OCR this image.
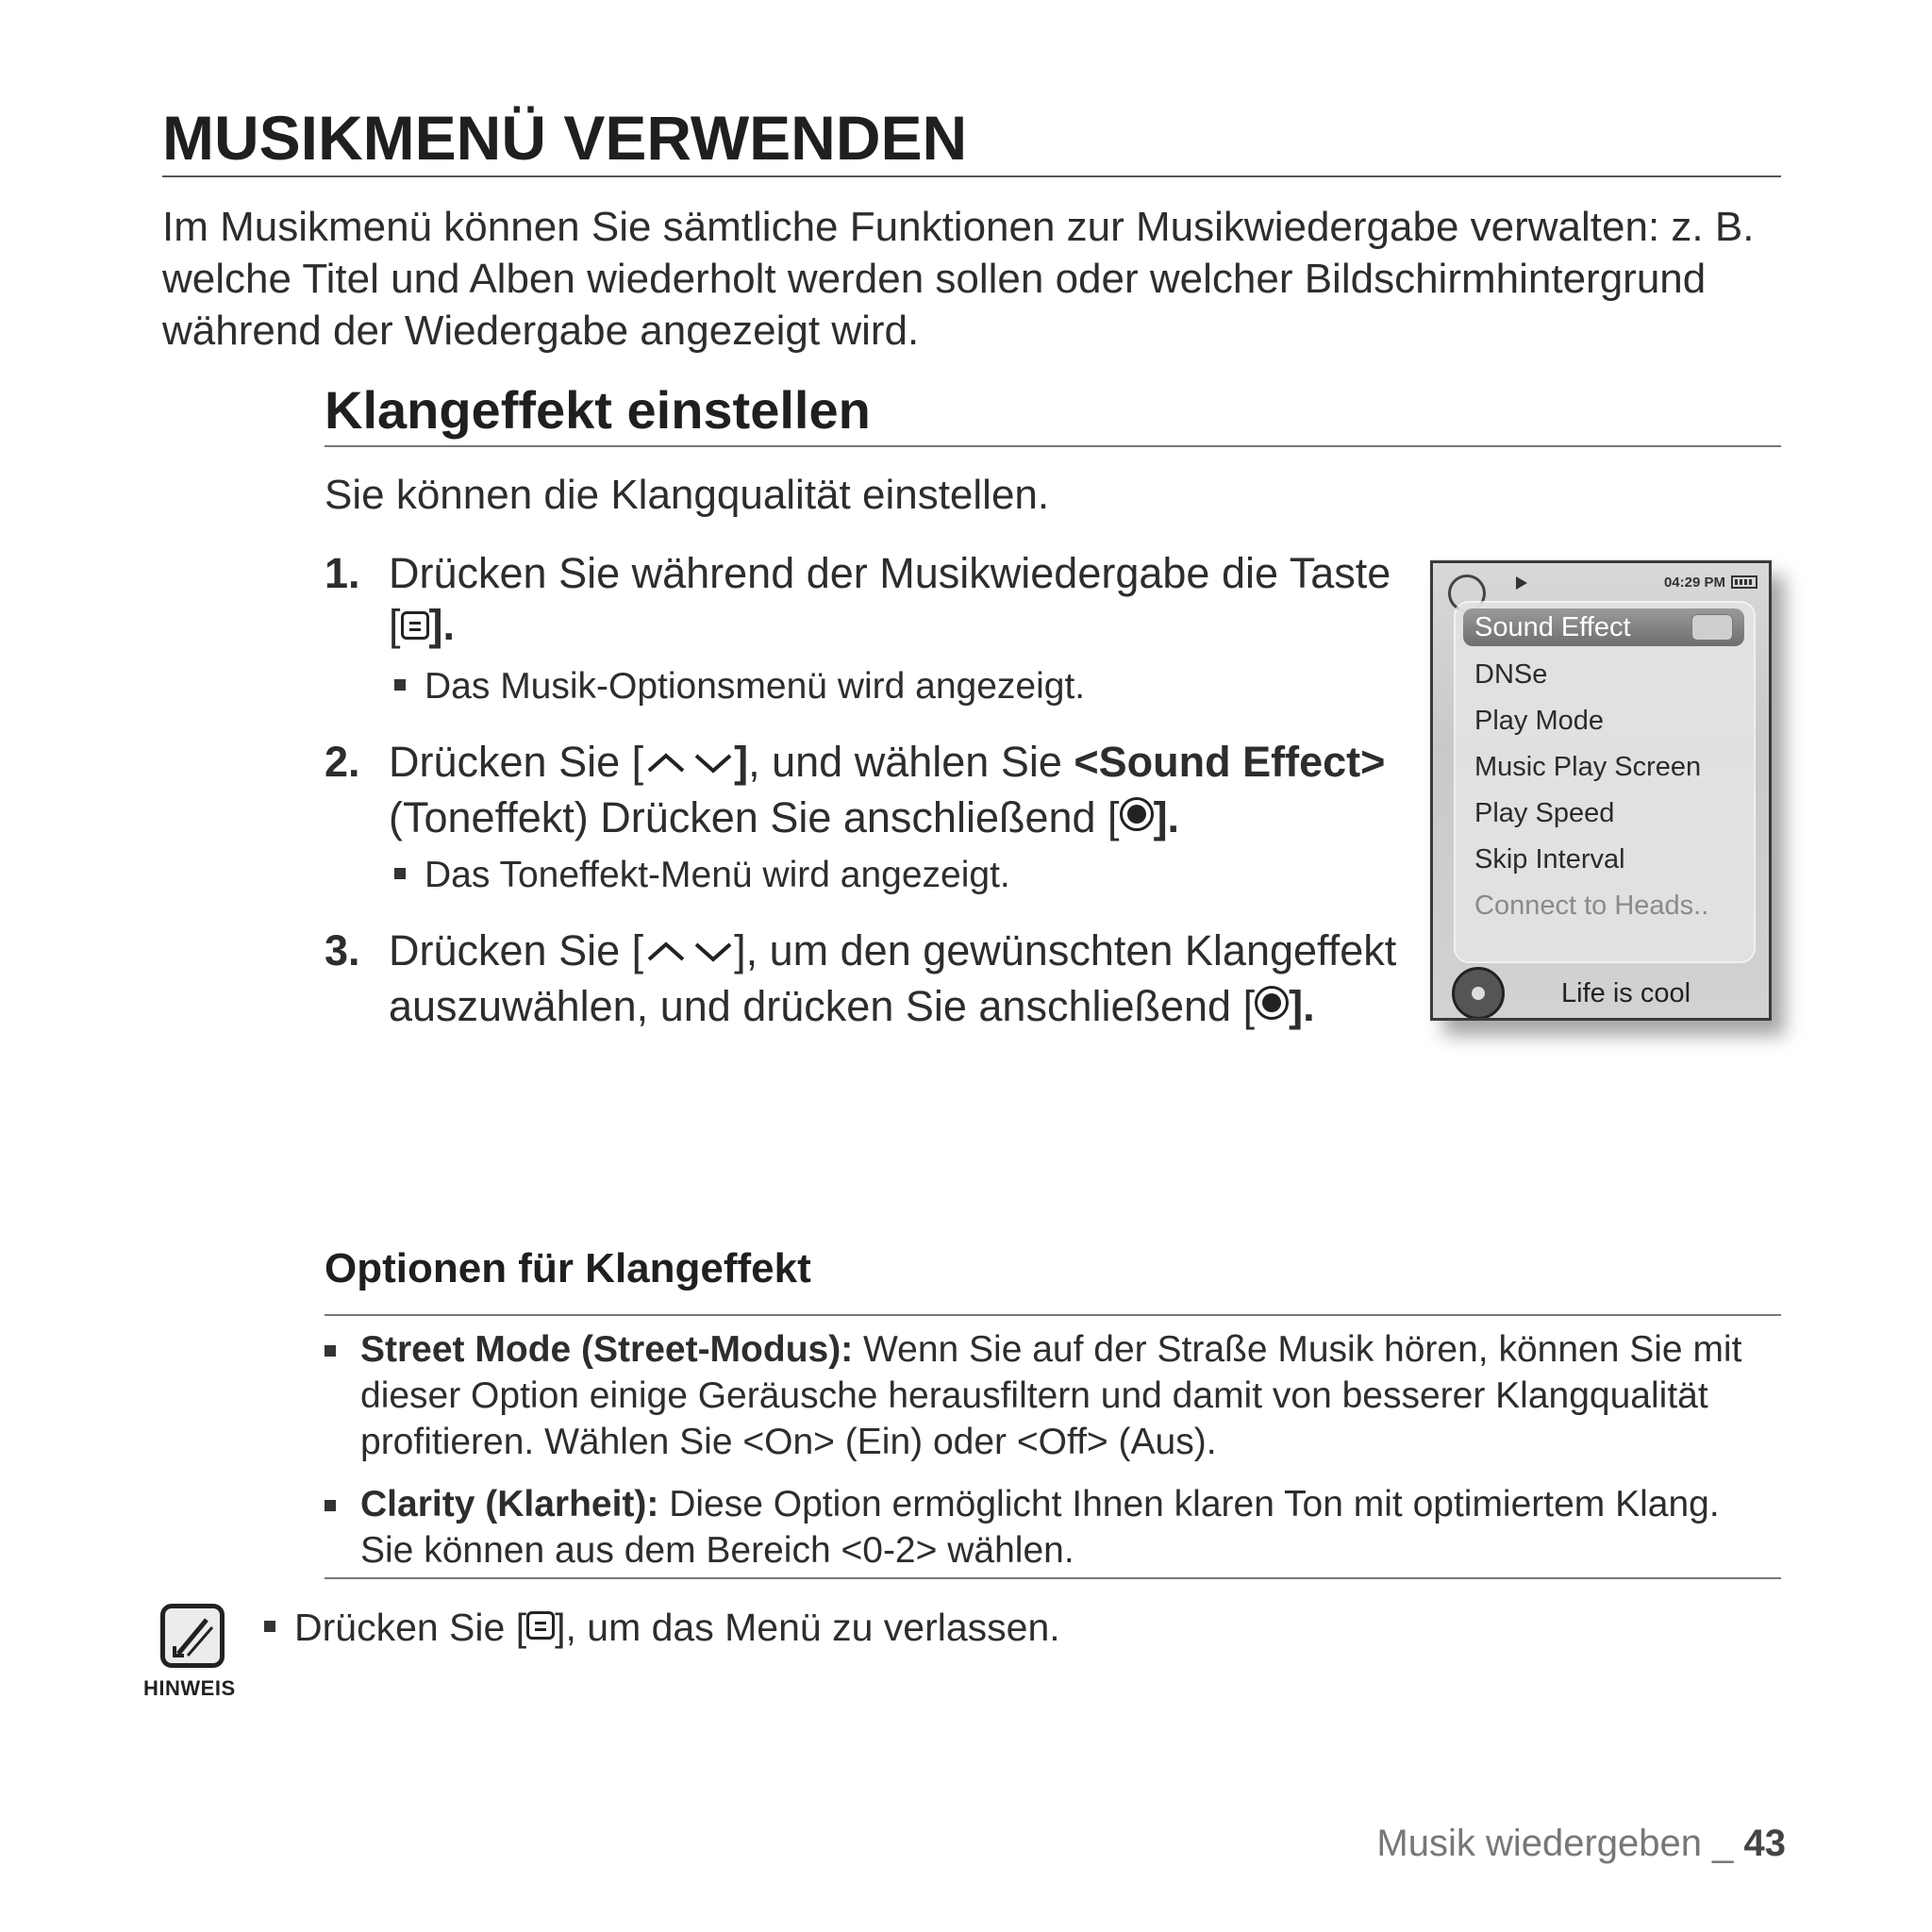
MUSIKMENÜ VERWENDEN

Im Musikmenü können Sie sämtliche Funktionen zur Musikwiedergabe verwalten: z. B. welche Titel und Alben wiederholt werden sollen oder welcher Bildschirmhintergrund während der Wiedergabe angezeigt wird.

Klangeffekt einstellen

Sie können die Klangqualität einstellen.

1. Drücken Sie während der Musikwiedergabe die Taste [ ].
Das Musik-Optionsmenü wird angezeigt.
2. Drücken Sie [ ], und wählen Sie <Sound Effect> (Toneffekt) Drücken Sie anschließend [ ].
Das Toneffekt-Menü wird angezeigt.
3. Drücken Sie [ ], um den gewünschten Klangeffekt auszuwählen, und drücken Sie anschließend [ ].
04:29 PM
Sound Effect
DNSe
Play Mode
Music Play Screen
Play Speed
Skip Interval
Connect to Heads..
Life is cool
Optionen für Klangeffekt
Street Mode (Street-Modus): Wenn Sie auf der Straße Musik hören, können Sie mit dieser Option einige Geräusche herausfiltern und damit von besserer Klangqualität profitieren. Wählen Sie <On> (Ein) oder <Off> (Aus).
Clarity (Klarheit): Diese Option ermöglicht Ihnen klaren Ton mit optimiertem Klang. Sie können aus dem Bereich <0-2> wählen.
HINWEIS
Drücken Sie [ ], um das Menü zu verlassen.
Musik wiedergeben _ 43
